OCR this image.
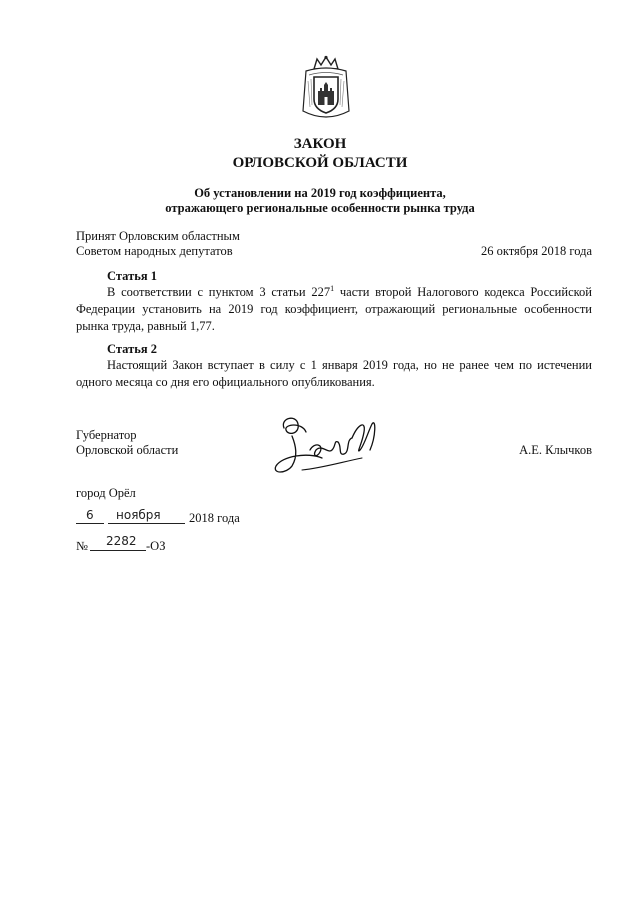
ЗАКОН
ОРЛОВСКОЙ ОБЛАСТИ
Об установлении на 2019 год коэффициента,
отражающего региональные особенности рынка труда
Принят Орловским областным
Советом народных депутатов	26 октября 2018 года
Статья 1
В соответствии с пунктом 3 статьи $227^1$ части второй Налогового кодекса Российской
Федерации установить на 2019 год коэффициент, отражающий региональные особенности
рынка труда, равный 1,77.
Статья 2
Настоящий Закон вступает в силу с 1 января 2019 года, но не ранее чем по истечении
одного месяца со дня его официального опубликования.
Губернатор
Орловской области	А.Е. Клычков
город Орёл
6 ноября 2018 года
№ 2282 -ОЗ
